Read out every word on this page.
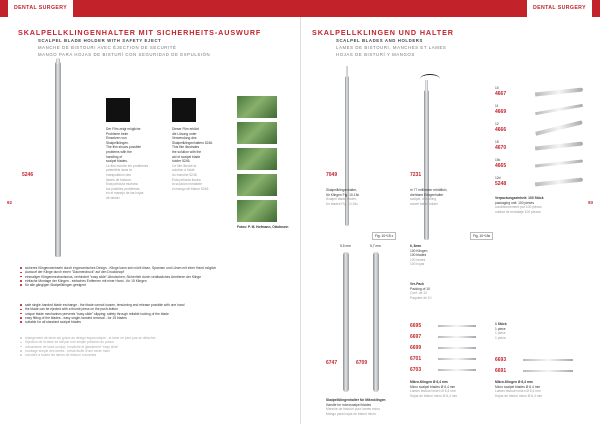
DENTAL SURGERY	DENTAL SURGERY
92	93
SKALPELLKLINGENHALTER MIT SICHERHEITS-AUSWURF
SCALPEL BLADE HOLDER WITH SAFETY EJECT
MANCHE DE BISTOURI AVEC ÉJECTION DE SECURITÉ
MANGO PARA HOJAS DE BISTURÍ CON SEGURIDAD DE EXPULSIÓN
5246
Der Film zeigt mögliche
Probleme beim
Einsetzen von
Skalpellklingen.
The film shows possible
problems with the
handling of
scalpel blades.
Le film montre les problèmes
potentiels dans la
manipulation des
lames de bistouri.
Esta película muestra
los posibles problemas
en el manejo de las hojas
de bisturí.
Dieser Film erklärt
die Lösung unter
Verwendung des
Skalpellklingenhalters 5246.
This film illustrates
the solution with the
aid of scalpel blade
holder 5246.
Ce film illustre la
solution à l'aide
du manche 5246.
Esta película ilustra
la solución mediante
el mango de bisturí 5246.
Fotos: P. M. Hofmann, Ottobrunn
sicheres Klingenwechseln durch ergonomisches Design - Klinge kann sich nicht lösen, Spannen und Lösen mit einer Hand möglich
Auswurf der Klinge durch einen "Daumendruck" auf den Druckknopf
einmaliger Klingenmechanismus, verhindert "easy slide"-Abrutschen; Sicherheit durch verlässliches Arretieren der Klinge
einfache Montage der Klingen - einfaches Entfernen mit einer Hand - für 15 Klingen
für alle gängigen Skalpellklingen geeignet
safe single-handed blade exchange - the blade cannot loosen, tensioning and release possible with one hand
the blade can be ejected with a thumb press on the push-button
unique blade mechanism prevents "easy slide" slipping; safety through reliable locking of the blade
easy fitting of the blades - easy single-handed removal - for 15 blades
suitable for all standard scalpel blades
changement de lame sûr grâce au design ergonomique - la lame ne peut pas se détacher
l'éjection de la lame se fait par une simple pression du pouce
mécanisme de lame unique, empêche le glissement "easy slide"
montage simple des lames - retrait facile d'une seule main
convient à toutes les lames de bistouri courantes
SKALPELLKLINGEN UND HALTER
SCALPEL BLADES AND HOLDERS
LAMES DE BISTOURI, MANCHES ET LAMES
HOJAS DE BISTURÍ Y MANGOS
7049
Fig. 10+15 c
7231
In 77 millimeter erhältlich,
drehbare Klingenhalter
scalpel, swivelling
swivel blade holder
Fig. 10+15c
6, 8mm
100 Klingen
100 blades
100 lames
100 hojas
Ver-Pack
Packing of 10
Conf. de 10
Paquete de 10
5,5 mm	5,7 mm
6747	6709
Skalpellklingenhalter für Mikroklingen
Handle for microscalpel blades
Manche de bistouri pour lames micro
Mango para hojas de bisturí micro
10
4667
11
4669
12
4666
15
4670
15c
4665
12d
5248
Verpackungseinheit: 100 Stück
packaging unit: 100 pieces
conditionnement par 100 pièces
unidad de embalaje 100 piezas
6695
6697
6699
6701
6703
Mikro-Klingen Ø 6,4 mm
Micro scalpel blades Ø 6,4 mm
Lames bistouri micro Ø 6,4 mm
Hojas de bisturí micro Ø 6,4 mm
1 Stück
1 piece
1 pièce
1 pieza
6693
6691
Mikro-Klingen Ø 6,4 mm
Micro scalpel blades Ø 6,4 mm
Lames bistouri micro Ø 6,4 mm
Hojas de bisturí micro Ø 6,4 mm
Skalpellklingenhalter,
für Klingen Fig. 10-15c
Scalpel blade holder,
for blades Fig. 10-15c
